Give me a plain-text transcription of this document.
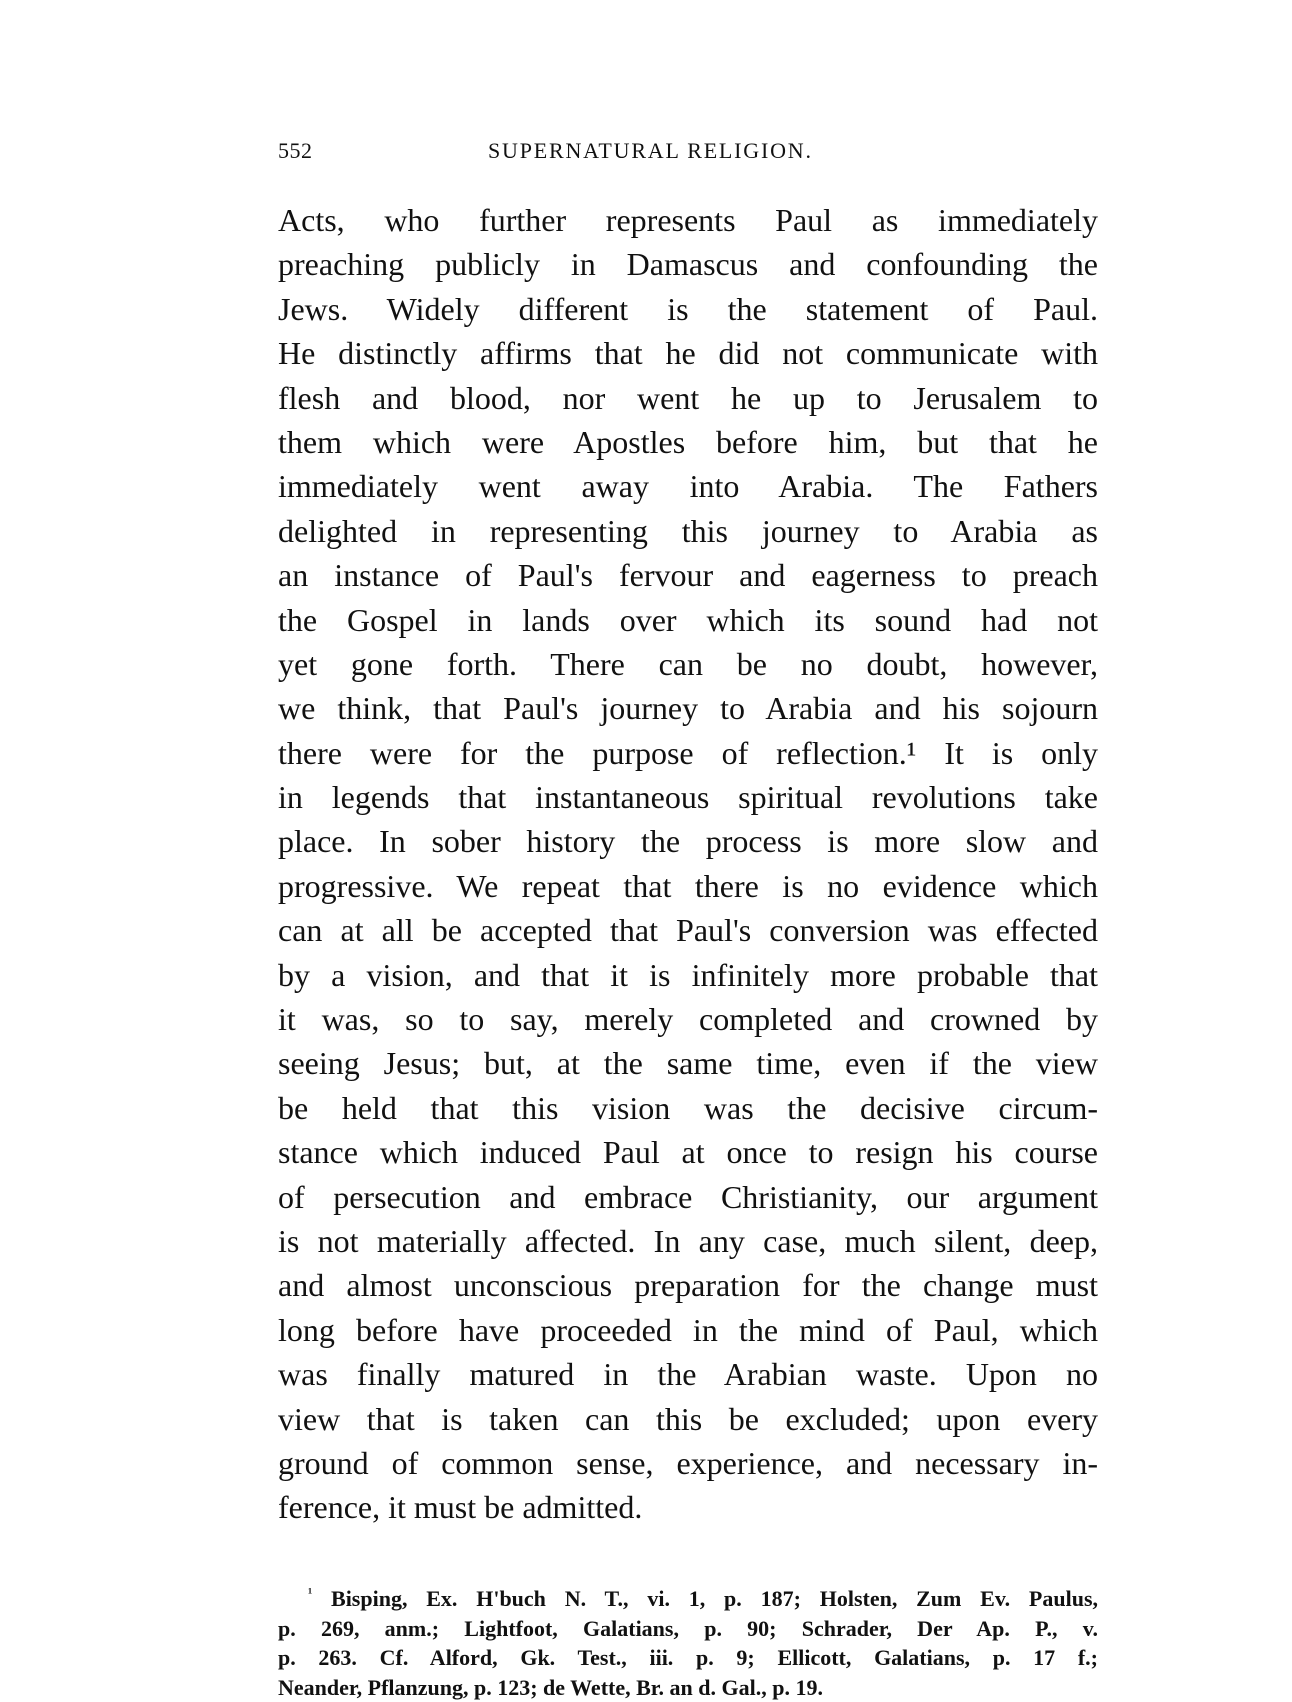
552	SUPERNATURAL RELIGION.
Acts, who further represents Paul as immediately
preaching publicly in Damascus and confounding the
Jews. Widely different is the statement of Paul.
He distinctly affirms that he did not communicate with
flesh and blood, nor went he up to Jerusalem to
them which were Apostles before him, but that he
immediately went away into Arabia. The Fathers
delighted in representing this journey to Arabia as
an instance of Paul's fervour and eagerness to preach
the Gospel in lands over which its sound had not
yet gone forth. There can be no doubt, however,
we think, that Paul's journey to Arabia and his sojourn
there were for the purpose of reflection.¹ It is only
in legends that instantaneous spiritual revolutions take
place. In sober history the process is more slow and
progressive. We repeat that there is no evidence which
can at all be accepted that Paul's conversion was effected
by a vision, and that it is infinitely more probable that
it was, so to say, merely completed and crowned by
seeing Jesus; but, at the same time, even if the view
be held that this vision was the decisive circum-
stance which induced Paul at once to resign his course
of persecution and embrace Christianity, our argument
is not materially affected. In any case, much silent, deep,
and almost unconscious preparation for the change must
long before have proceeded in the mind of Paul, which
was finally matured in the Arabian waste. Upon no
view that is taken can this be excluded; upon every
ground of common sense, experience, and necessary in-
ference, it must be admitted.
$^{^1}$ Bisping, Ex. H'buch N. T., vi. 1, p. 187; Holsten, Zum Ev. Paulus,
p. 269, anm.; Lightfoot, Galatians, p. 90; Schrader, Der Ap. P., v.
p. 263. Cf. Alford, Gk. Test., iii. p. 9; Ellicott, Galatians, p. 17 f.;
Neander, Pflanzung, p. 123; de Wette, Br. an d. Gal., p. 19.
